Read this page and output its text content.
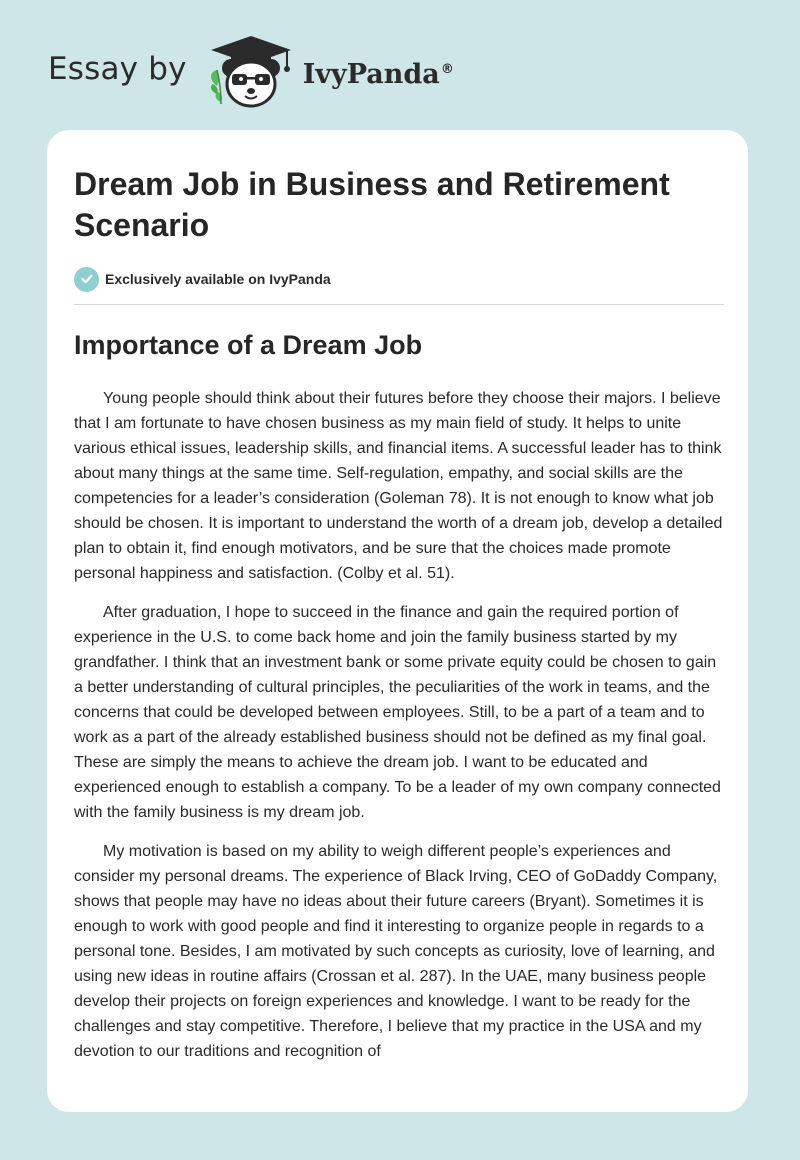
Essay by	IvyPanda®
Dream Job in Business and Retirement Scenario
Exclusively available on IvyPanda
Importance of a Dream Job

Young people should think about their futures before they choose their majors. I believe that I am fortunate to have chosen business as my main field of study. It helps to unite various ethical issues, leadership skills, and financial items. A successful leader has to think about many things at the same time. Self-regulation, empathy, and social skills are the competencies for a leader’s consideration (Goleman 78). It is not enough to know what job should be chosen. It is important to understand the worth of a dream job, develop a detailed plan to obtain it, find enough motivators, and be sure that the choices made promote personal happiness and satisfaction. (Colby et al. 51).

After graduation, I hope to succeed in the finance and gain the required portion of experience in the U.S. to come back home and join the family business started by my grandfather. I think that an investment bank or some private equity could be chosen to gain a better understanding of cultural principles, the peculiarities of the work in teams, and the concerns that could be developed between employees. Still, to be a part of a team and to work as a part of the already established business should not be defined as my final goal. These are simply the means to achieve the dream job. I want to be educated and experienced enough to establish a company. To be a leader of my own company connected with the family business is my dream job.

My motivation is based on my ability to weigh different people’s experiences and consider my personal dreams. The experience of Black Irving, CEO of GoDaddy Company, shows that people may have no ideas about their future careers (Bryant). Sometimes it is enough to work with good people and find it interesting to organize people in regards to a personal tone. Besides, I am motivated by such concepts as curiosity, love of learning, and using new ideas in routine affairs (Crossan et al. 287). In the UAE, many business people develop their projects on foreign experiences and knowledge. I want to be ready for the challenges and stay competitive. Therefore, I believe that my practice in the USA and my devotion to our traditions and recognition of
